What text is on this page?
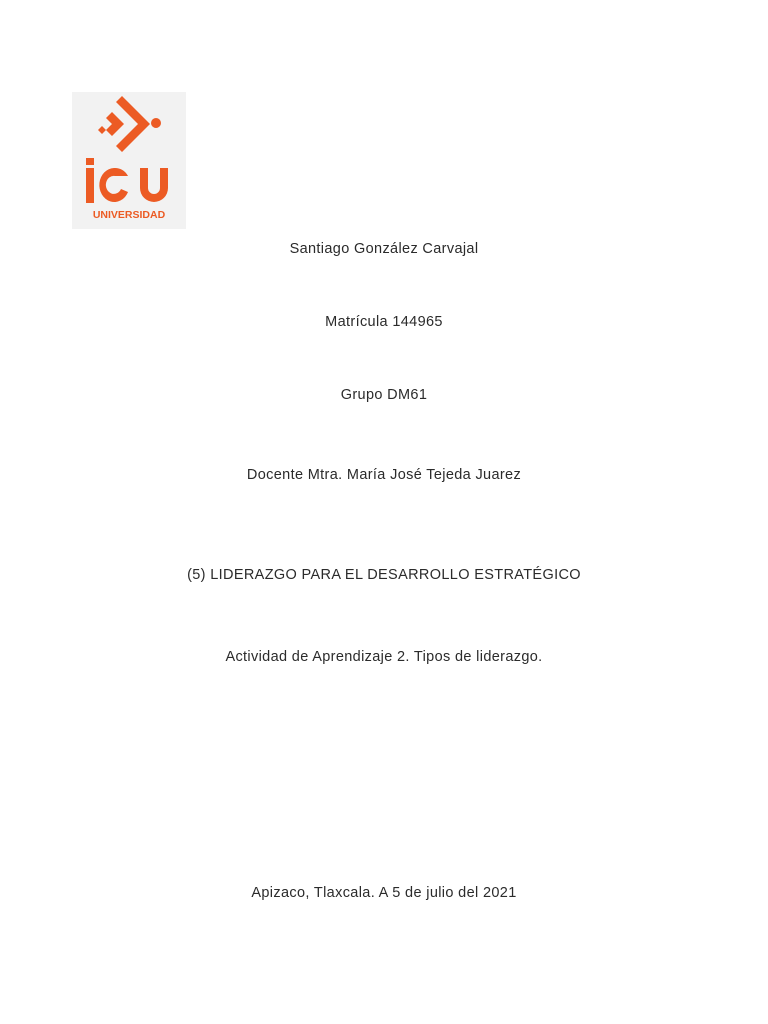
UNIVERSIDAD
Santiago González Carvajal
Matrícula 144965
Grupo DM61
Docente Mtra. María José Tejeda Juarez
(5) LIDERAZGO PARA EL DESARROLLO ESTRATÉGICO
Actividad de Aprendizaje 2. Tipos de liderazgo.
Apizaco, Tlaxcala. A 5 de julio del 2021
